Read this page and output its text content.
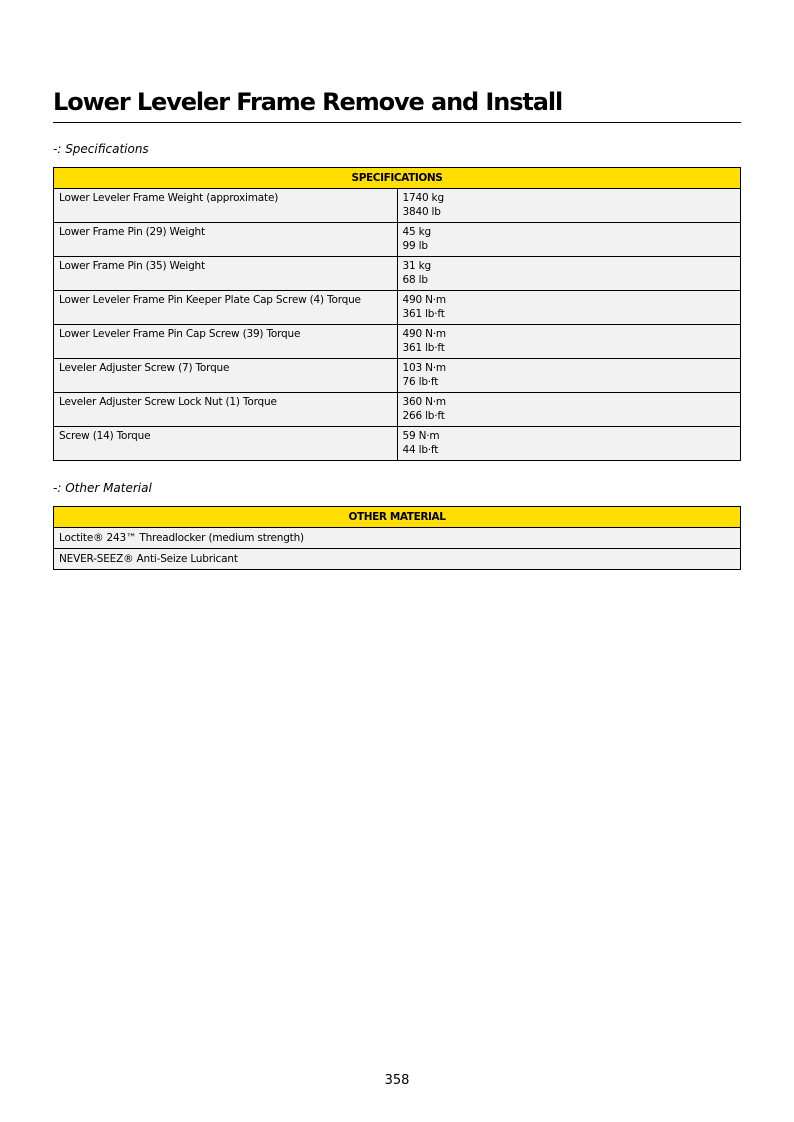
Lower Leveler Frame Remove and Install
-: Specifications
SPECIFICATIONS	
Lower Leveler Frame Weight (approximate)	1740 kg
3840 lb

Lower Frame Pin (29) Weight	45 kg
99 lb

Lower Frame Pin (35) Weight	31 kg
68 lb

Lower Leveler Frame Pin Keeper Plate Cap Screw (4) Torque	490 N·m
361 lb·ft

Lower Leveler Frame Pin Cap Screw (39) Torque	490 N·m
361 lb·ft

Leveler Adjuster Screw (7) Torque	103 N·m
76 lb·ft

Leveler Adjuster Screw Lock Nut (1) Torque	360 N·m
266 lb·ft

Screw (14) Torque	59 N·m
44 lb·ft
-: Other Material
OTHER MATERIAL
Loctite® 243™ Threadlocker (medium strength)
NEVER-SEEZ® Anti-Seize Lubricant
358
